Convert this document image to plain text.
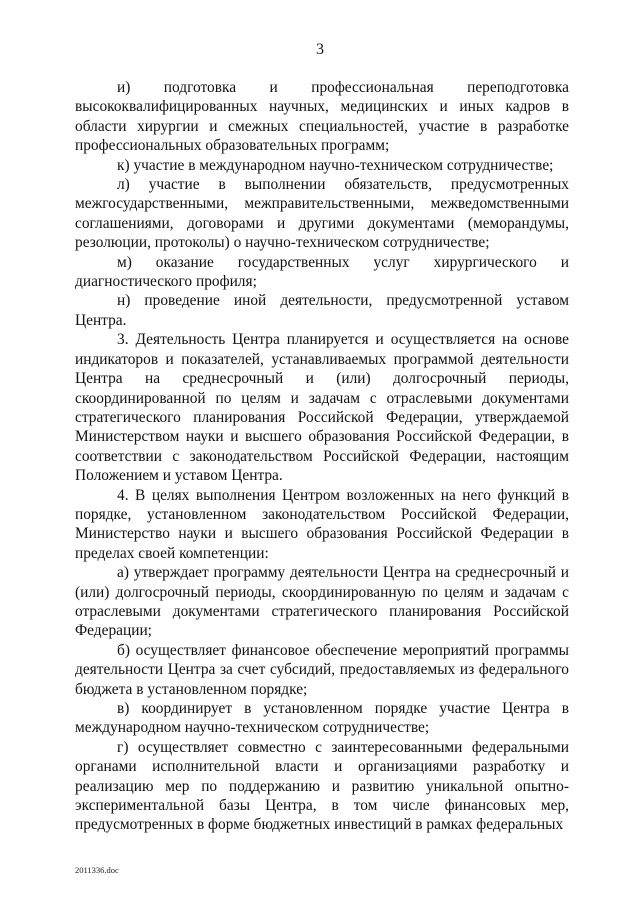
3

и) подготовка и профессиональная переподготовка высококвалифицированных научных, медицинских и иных кадров в области хирургии и смежных специальностей, участие в разработке профессиональных образовательных программ;

к) участие в международном научно-техническом сотрудничестве;

л) участие в выполнении обязательств, предусмотренных межгосударственными, межправительственными, межведомственными соглашениями, договорами и другими документами (меморандумы, резолюции, протоколы) о научно-техническом сотрудничестве;

м) оказание государственных услуг хирургического и диагностического профиля;

н) проведение иной деятельности, предусмотренной уставом Центра.

3. Деятельность Центра планируется и осуществляется на основе индикаторов и показателей, устанавливаемых программой деятельности Центра на среднесрочный и (или) долгосрочный периоды, скоординированной по целям и задачам с отраслевыми документами стратегического планирования Российской Федерации, утверждаемой Министерством науки и высшего образования Российской Федерации, в соответствии с законодательством Российской Федерации, настоящим Положением и уставом Центра.

4. В целях выполнения Центром возложенных на него функций в порядке, установленном законодательством Российской Федерации, Министерство науки и высшего образования Российской Федерации в пределах своей компетенции:

а) утверждает программу деятельности Центра на среднесрочный и (или) долгосрочный периоды, скоординированную по целям и задачам с отраслевыми документами стратегического планирования Российской Федерации;

б) осуществляет финансовое обеспечение мероприятий программы деятельности Центра за счет субсидий, предоставляемых из федерального бюджета в установленном порядке;

в) координирует в установленном порядке участие Центра в международном научно-техническом сотрудничестве;

г) осуществляет совместно с заинтересованными федеральными органами исполнительной власти и организациями разработку и реализацию мер по поддержанию и развитию уникальной опытно-экспериментальной базы Центра, в том числе финансовых мер, предусмотренных в форме бюджетных инвестиций в рамках федеральных

2011336.doc
